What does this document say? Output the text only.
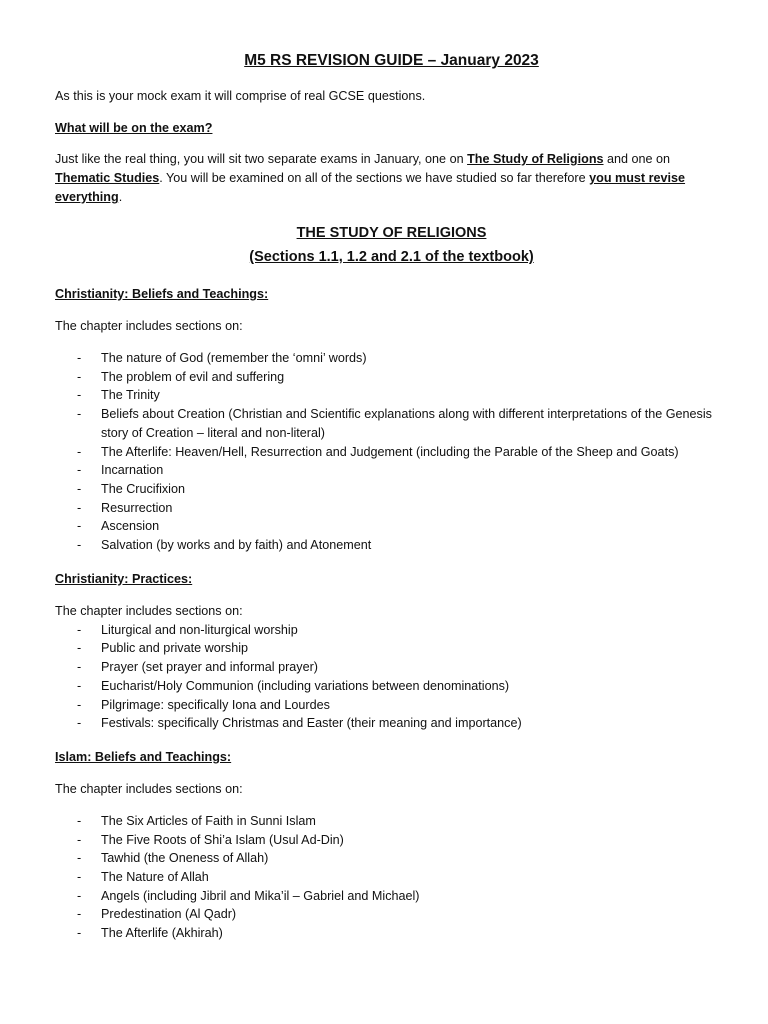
M5 RS REVISION GUIDE – January 2023

As this is your mock exam it will comprise of real GCSE questions.

What will be on the exam?

Just like the real thing, you will sit two separate exams in January, one on The Study of Religions and one on Thematic Studies. You will be examined on all of the sections we have studied so far therefore you must revise everything.

THE STUDY OF RELIGIONS
(Sections 1.1, 1.2 and 2.1 of the textbook)
Christianity: Beliefs and Teachings:

The chapter includes sections on:

- The nature of God (remember the ‘omni’ words)
- The problem of evil and suffering
- The Trinity
- Beliefs about Creation (Christian and Scientific explanations along with different interpretations of the Genesis story of Creation – literal and non-literal)
- The Afterlife: Heaven/Hell, Resurrection and Judgement (including the Parable of the Sheep and Goats)
- Incarnation
- The Crucifixion
- Resurrection
- Ascension
- Salvation (by works and by faith) and Atonement
Christianity: Practices:

The chapter includes sections on:

- Liturgical and non-liturgical worship
- Public and private worship
- Prayer (set prayer and informal prayer)
- Eucharist/Holy Communion (including variations between denominations)
- Pilgrimage: specifically Iona and Lourdes
- Festivals: specifically Christmas and Easter (their meaning and importance)
Islam: Beliefs and Teachings:

The chapter includes sections on:

- The Six Articles of Faith in Sunni Islam
- The Five Roots of Shi’a Islam (Usul Ad-Din)
- Tawhid (the Oneness of Allah)
- The Nature of Allah
- Angels (including Jibril and Mika’il – Gabriel and Michael)
- Predestination (Al Qadr)
- The Afterlife (Akhirah)
